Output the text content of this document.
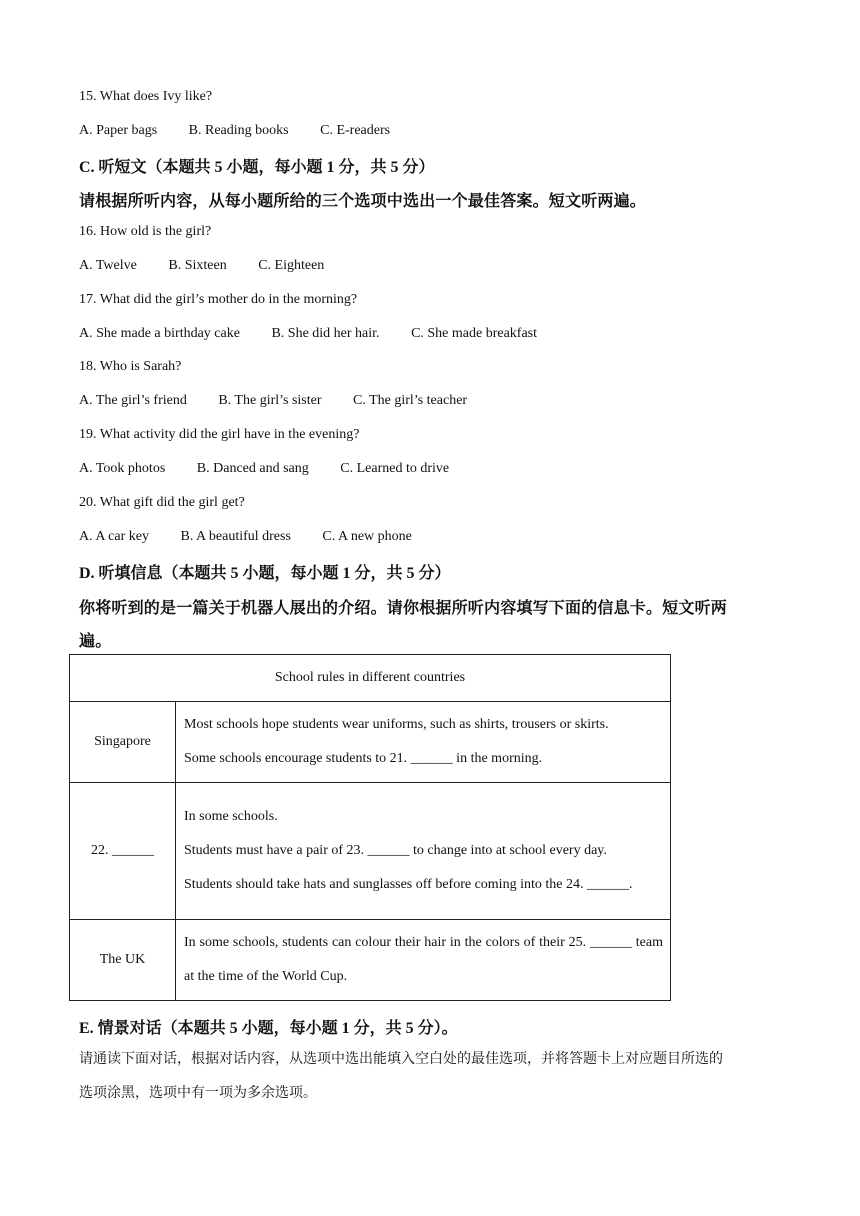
15. What does Ivy like?
A. Paper bags B. Reading books C. E-readers
C. 听短文（本题共 5 小题，每小题 1 分，共 5 分）
请根据所听内容，从每小题所给的三个选项中选出一个最佳答案。短文听两遍。
16. How old is the girl?
A. Twelve B. Sixteen C. Eighteen
17. What did the girl’s mother do in the morning?
A. She made a birthday cake B. She did her hair. C. She made breakfast
18. Who is Sarah?
A. The girl’s friend B. The girl’s sister C. The girl’s teacher
19. What activity did the girl have in the evening?
A. Took photos B. Danced and sang C. Learned to drive
20. What gift did the girl get?
A. A car key B. A beautiful dress C. A new phone
D. 听填信息（本题共 5 小题，每小题 1 分，共 5 分）
你将听到的是一篇关于机器人展出的介绍。请你根据所听内容填写下面的信息卡。短文听两
遍。
School rules in different countries	
Singapore	Most schools hope students wear uniforms, such as shirts, trousers or skirts.
Some schools encourage students to 21. ______ in the morning.

22. ______	In some schools.
Students must have a pair of 23. ______ to change into at school every day.
Students should take hats and sunglasses off before coming into the 24. ______.

The UK	In some schools, students can colour their hair in the colors of their 25. ______ team at the time of the World Cup.
E. 情景对话（本题共 5 小题，每小题 1 分，共 5 分）。
请通读下面对话，根据对话内容，从选项中选出能填入空白处的最佳选项，并将答题卡上对应题目所选的
选项涂黑，选项中有一项为多余选项。
